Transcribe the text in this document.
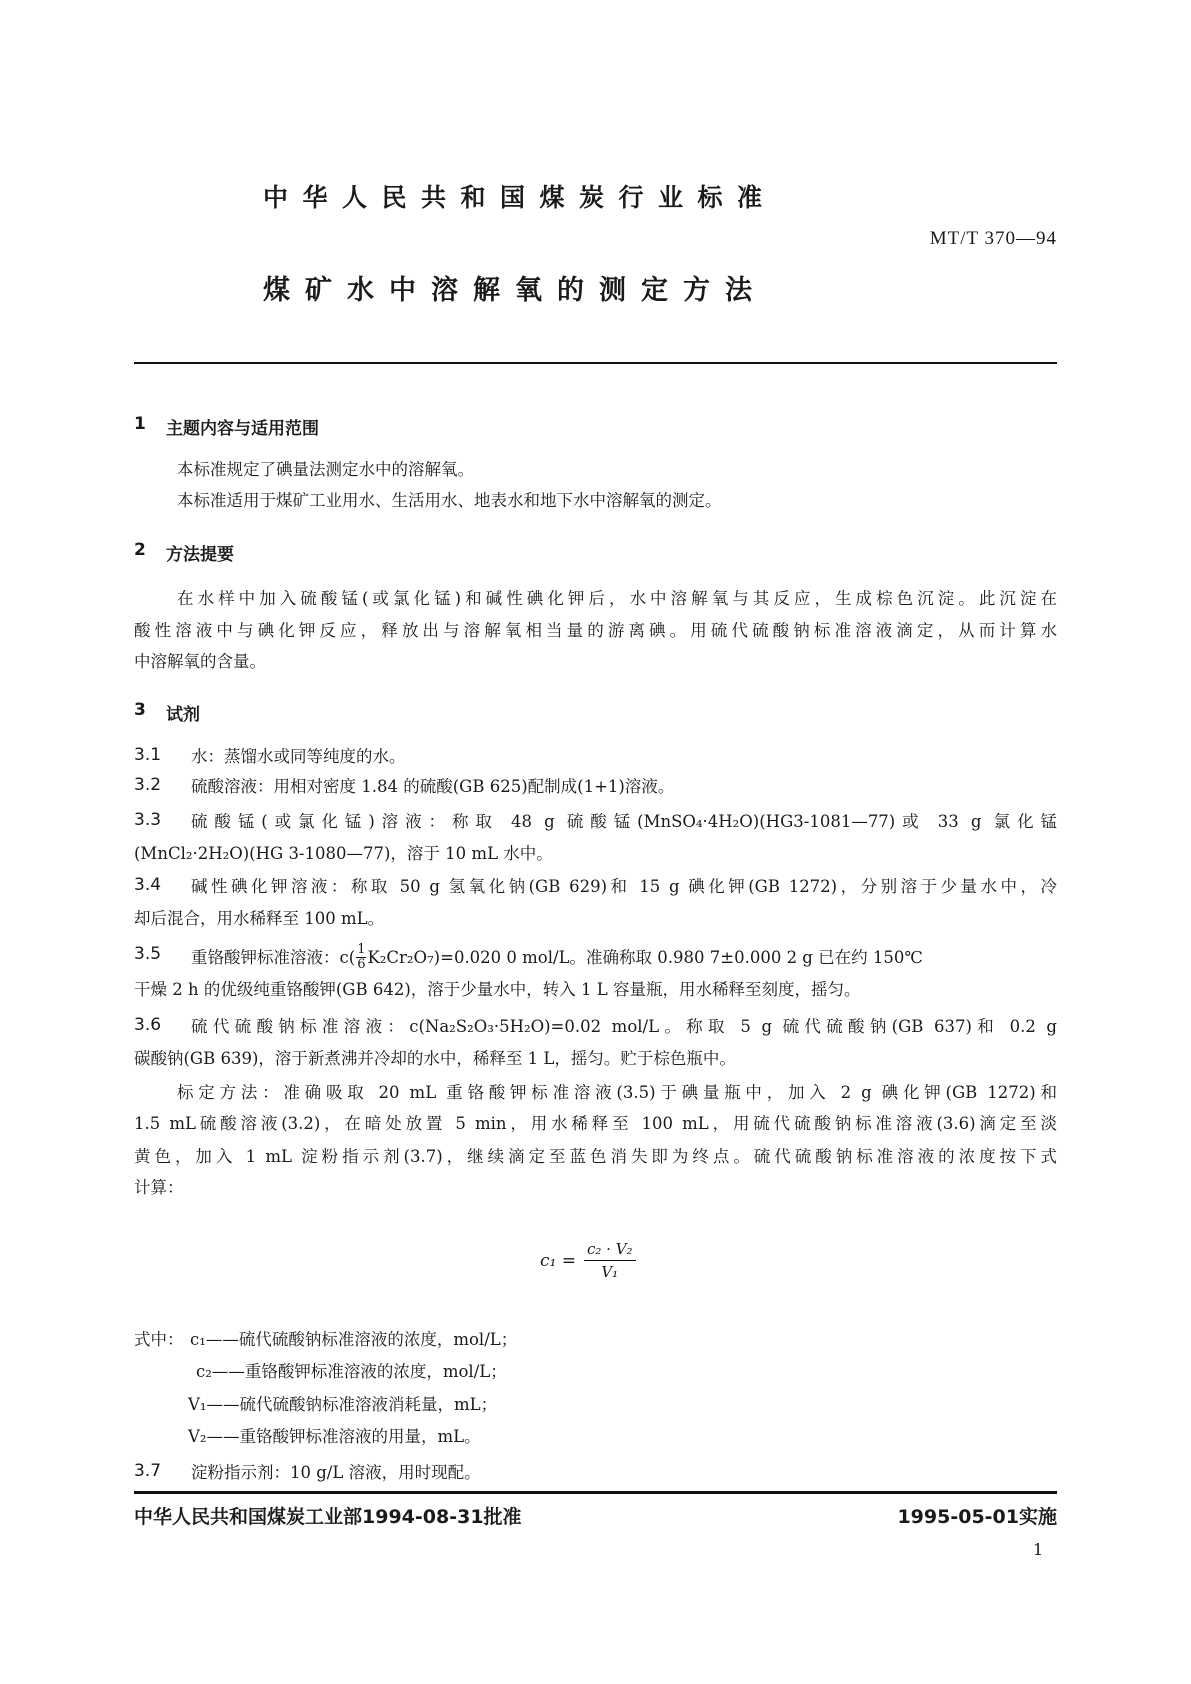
中华人民共和国煤炭行业标准
MT/T 370—94
煤矿水中溶解氧的测定方法
1 主题内容与适用范围
本标准规定了碘量法测定水中的溶解氧。
本标准适用于煤矿工业用水、生活用水、地表水和地下水中溶解氧的测定。
2 方法提要
在水样中加入硫酸锰(或氯化锰)和碱性碘化钾后，水中溶解氧与其反应，生成棕色沉淀。此沉淀在
酸性溶液中与碘化钾反应，释放出与溶解氧相当量的游离碘。用硫代硫酸钠标准溶液滴定，从而计算水
中溶解氧的含量。
3 试剂
3.1 水：蒸馏水或同等纯度的水。
3.2 硫酸溶液：用相对密度 1.84 的硫酸(GB 625)配制成(1+1)溶液。
3.3 硫酸锰(或氯化锰)溶液：称取 48 g 硫酸锰(MnSO₄·4H₂O)(HG3-1081—77)或 33 g 氯化锰
(MnCl₂·2H₂O)(HG 3-1080—77)，溶于 10 mL 水中。
3.4 碱性碘化钾溶液：称取 50 g 氢氧化钠(GB 629)和 15 g 碘化钾(GB 1272)，分别溶于少量水中，冷
却后混合，用水稀释至 100 mL。
3.5 重铬酸钾标准溶液：$c( \frac{1}{6} K_2Cr_2O_7)=0.020$ 0 mol/L。准确称取 0.980 7±0.000 2 g 已在约 150℃
干燥 2 h 的优级纯重铬酸钾(GB 642)，溶于少量水中，转入 1 L 容量瓶，用水稀释至刻度，摇匀。
3.6 硫代硫酸钠标准溶液：c(Na₂S₂O₃·5H₂O)=0.02 mol/L。称取 5 g 硫代硫酸钠(GB 637)和 0.2 g
碳酸钠(GB 639)，溶于新煮沸并冷却的水中，稀释至 1 L，摇匀。贮于棕色瓶中。
标定方法：准确吸取 20 mL 重铬酸钾标准溶液(3.5)于碘量瓶中，加入 2 g 碘化钾(GB 1272)和
1.5 mL硫酸溶液(3.2)，在暗处放置 5 min，用水稀释至 100 mL，用硫代硫酸钠标准溶液(3.6)滴定至淡
黄色，加入 1 mL 淀粉指示剂(3.7)，继续滴定至蓝色消失即为终点。硫代硫酸钠标准溶液的浓度按下式
计算：
$c_1 = \frac{\text{c₂ · V₂}}{\text{V₁}}$
式中： c₁——硫代硫酸钠标准溶液的浓度，mol/L；
c₂——重铬酸钾标准溶液的浓度，mol/L；
V₁——硫代硫酸钠标准溶液消耗量，mL；
V₂——重铬酸钾标准溶液的用量，mL。
3.7 淀粉指示剂：10 g/L 溶液，用时现配。
中华人民共和国煤炭工业部1994-08-31批准	1995-05-01实施
1
